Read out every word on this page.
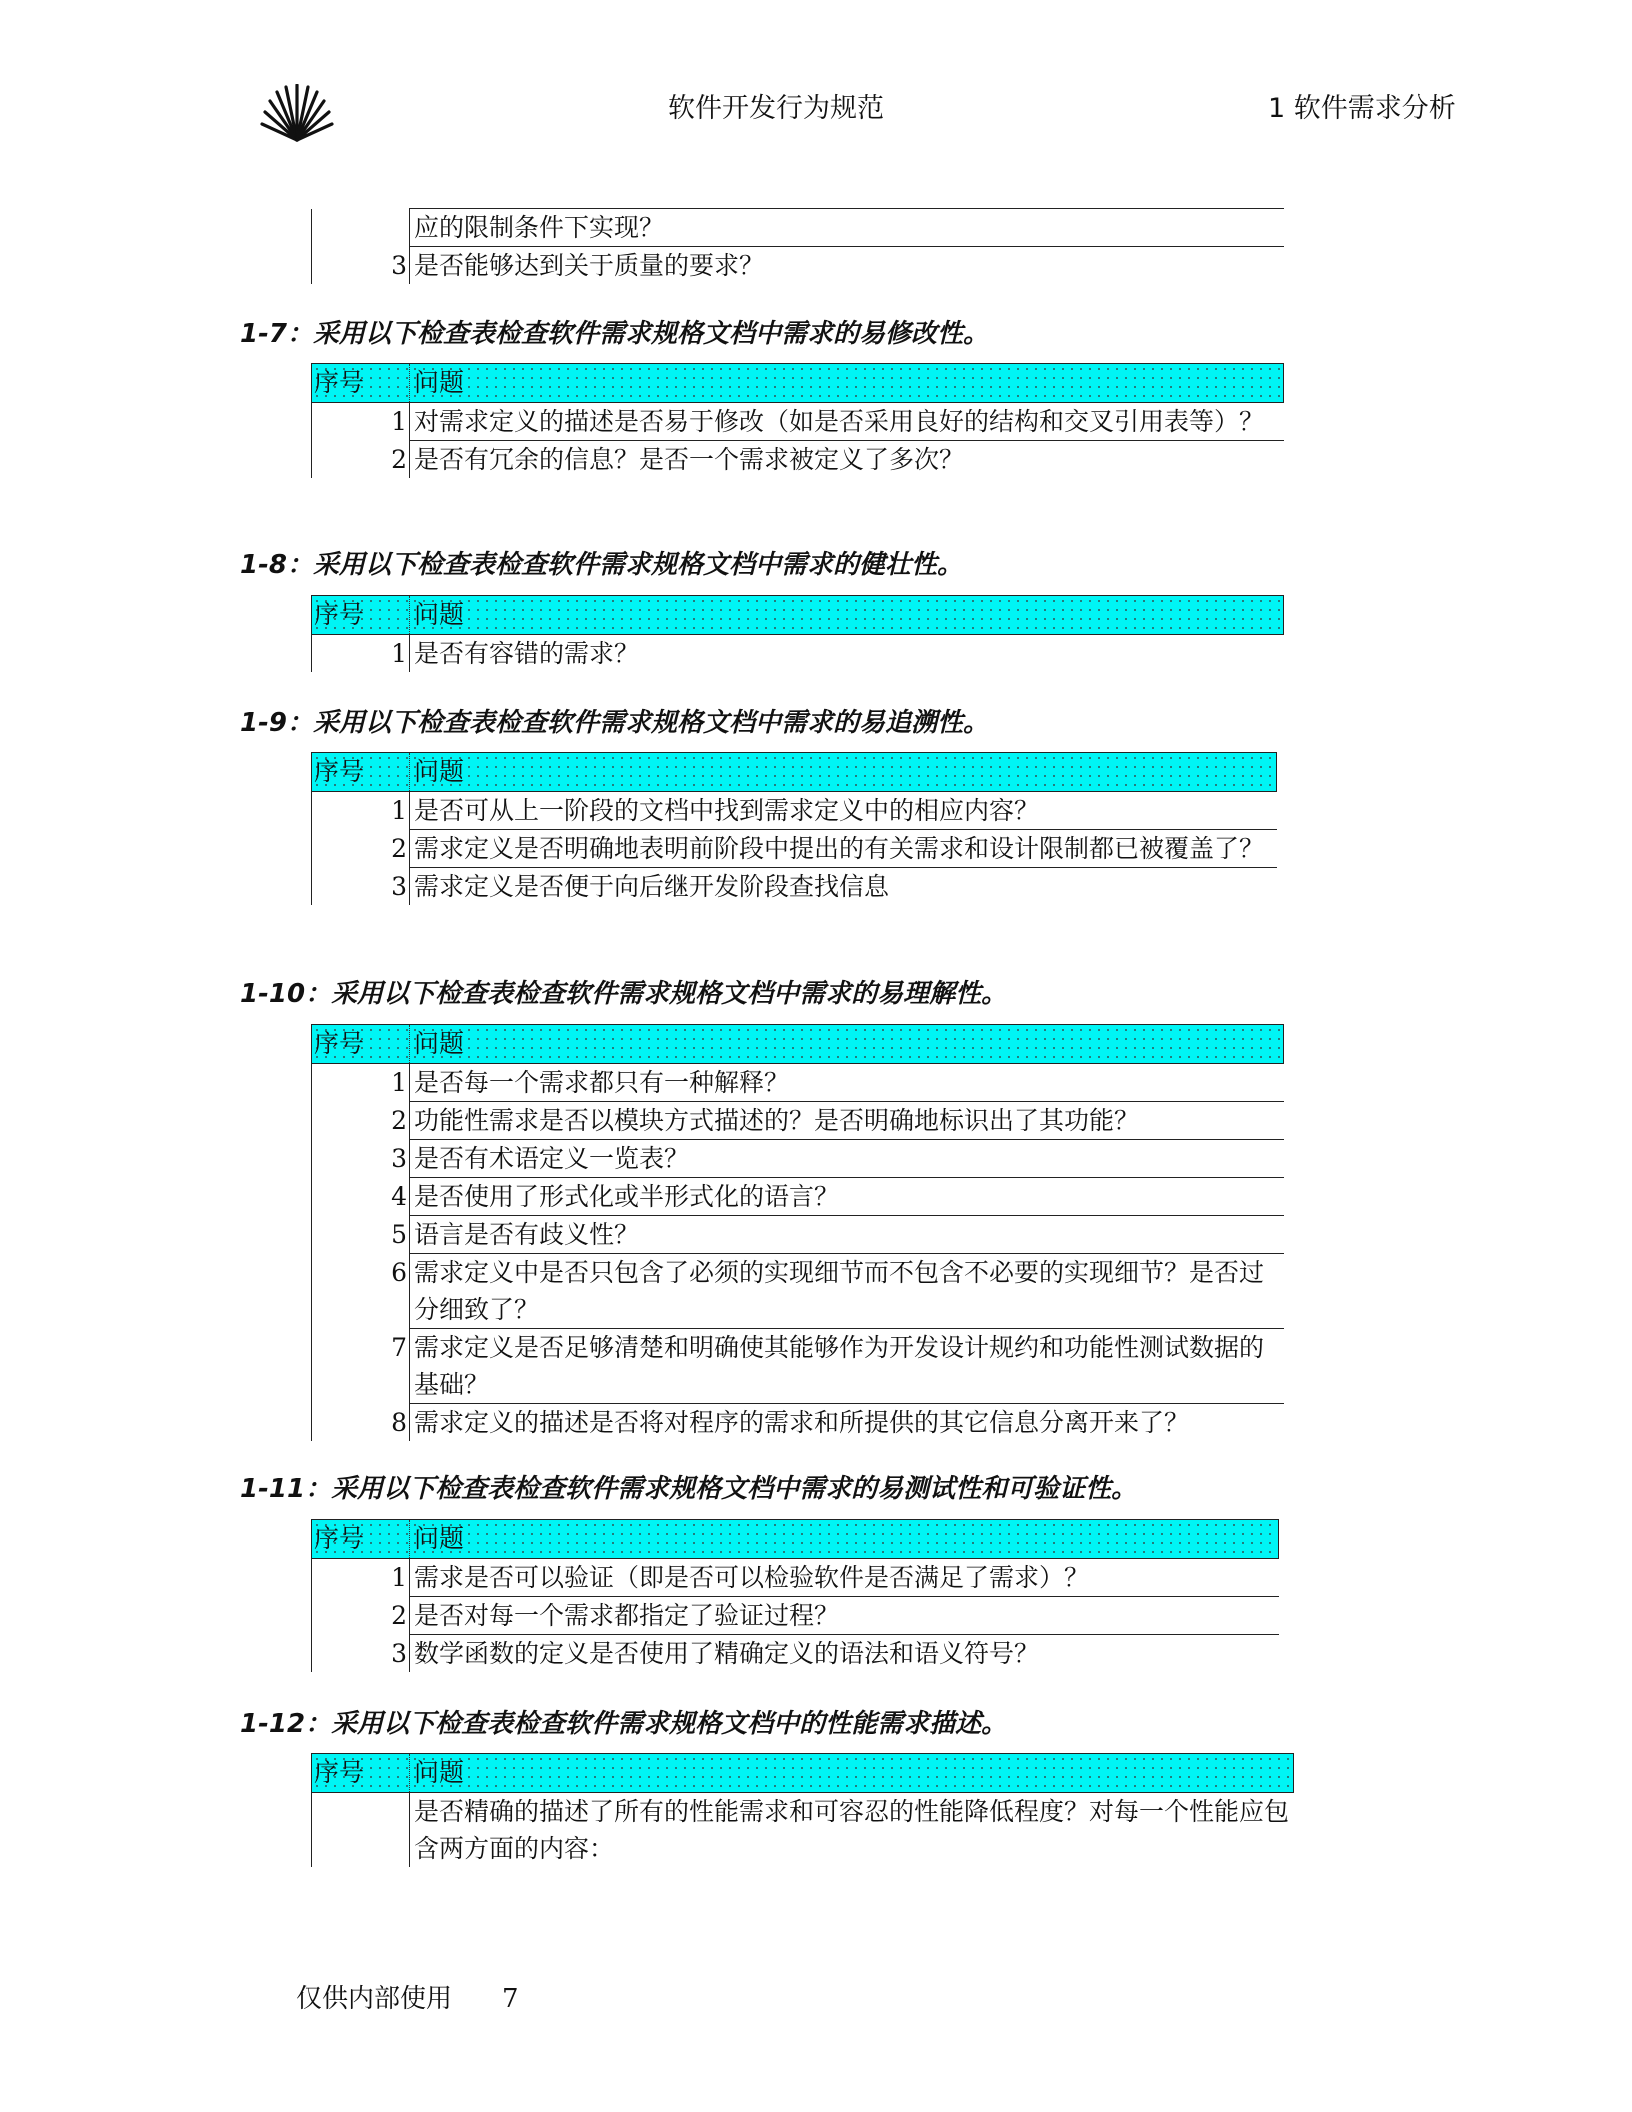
软件开发行为规范	1 软件需求分析
	应的限制条件下实现？
3	是否能够达到关于质量的要求？
1-7：采用以下检查表检查软件需求规格文档中需求的易修改性。
序号	问题
1	对需求定义的描述是否易于修改（如是否采用良好的结构和交叉引用表等）？
2	是否有冗余的信息？是否一个需求被定义了多次？
1-8：采用以下检查表检查软件需求规格文档中需求的健壮性。
序号	问题
1	是否有容错的需求？
1-9：采用以下检查表检查软件需求规格文档中需求的易追溯性。
序号	问题
1	是否可从上一阶段的文档中找到需求定义中的相应内容？
2	需求定义是否明确地表明前阶段中提出的有关需求和设计限制都已被覆盖了？
3	需求定义是否便于向后继开发阶段查找信息
1-10：采用以下检查表检查软件需求规格文档中需求的易理解性。
序号	问题
1	是否每一个需求都只有一种解释？
2	功能性需求是否以模块方式描述的？是否明确地标识出了其功能？
3	是否有术语定义一览表？
4	是否使用了形式化或半形式化的语言？
5	语言是否有歧义性？
6	需求定义中是否只包含了必须的实现细节而不包含不必要的实现细节？是否过分细致了？
7	需求定义是否足够清楚和明确使其能够作为开发设计规约和功能性测试数据的基础？
8	需求定义的描述是否将对程序的需求和所提供的其它信息分离开来了？
1-11：采用以下检查表检查软件需求规格文档中需求的易测试性和可验证性。
序号	问题
1	需求是否可以验证（即是否可以检验软件是否满足了需求）？
2	是否对每一个需求都指定了验证过程？
3	数学函数的定义是否使用了精确定义的语法和语义符号？
1-12：采用以下检查表检查软件需求规格文档中的性能需求描述。
序号	问题
	是否精确的描述了所有的性能需求和可容忍的性能降低程度？对每一个性能应包含两方面的内容：
仅供内部使用 7
